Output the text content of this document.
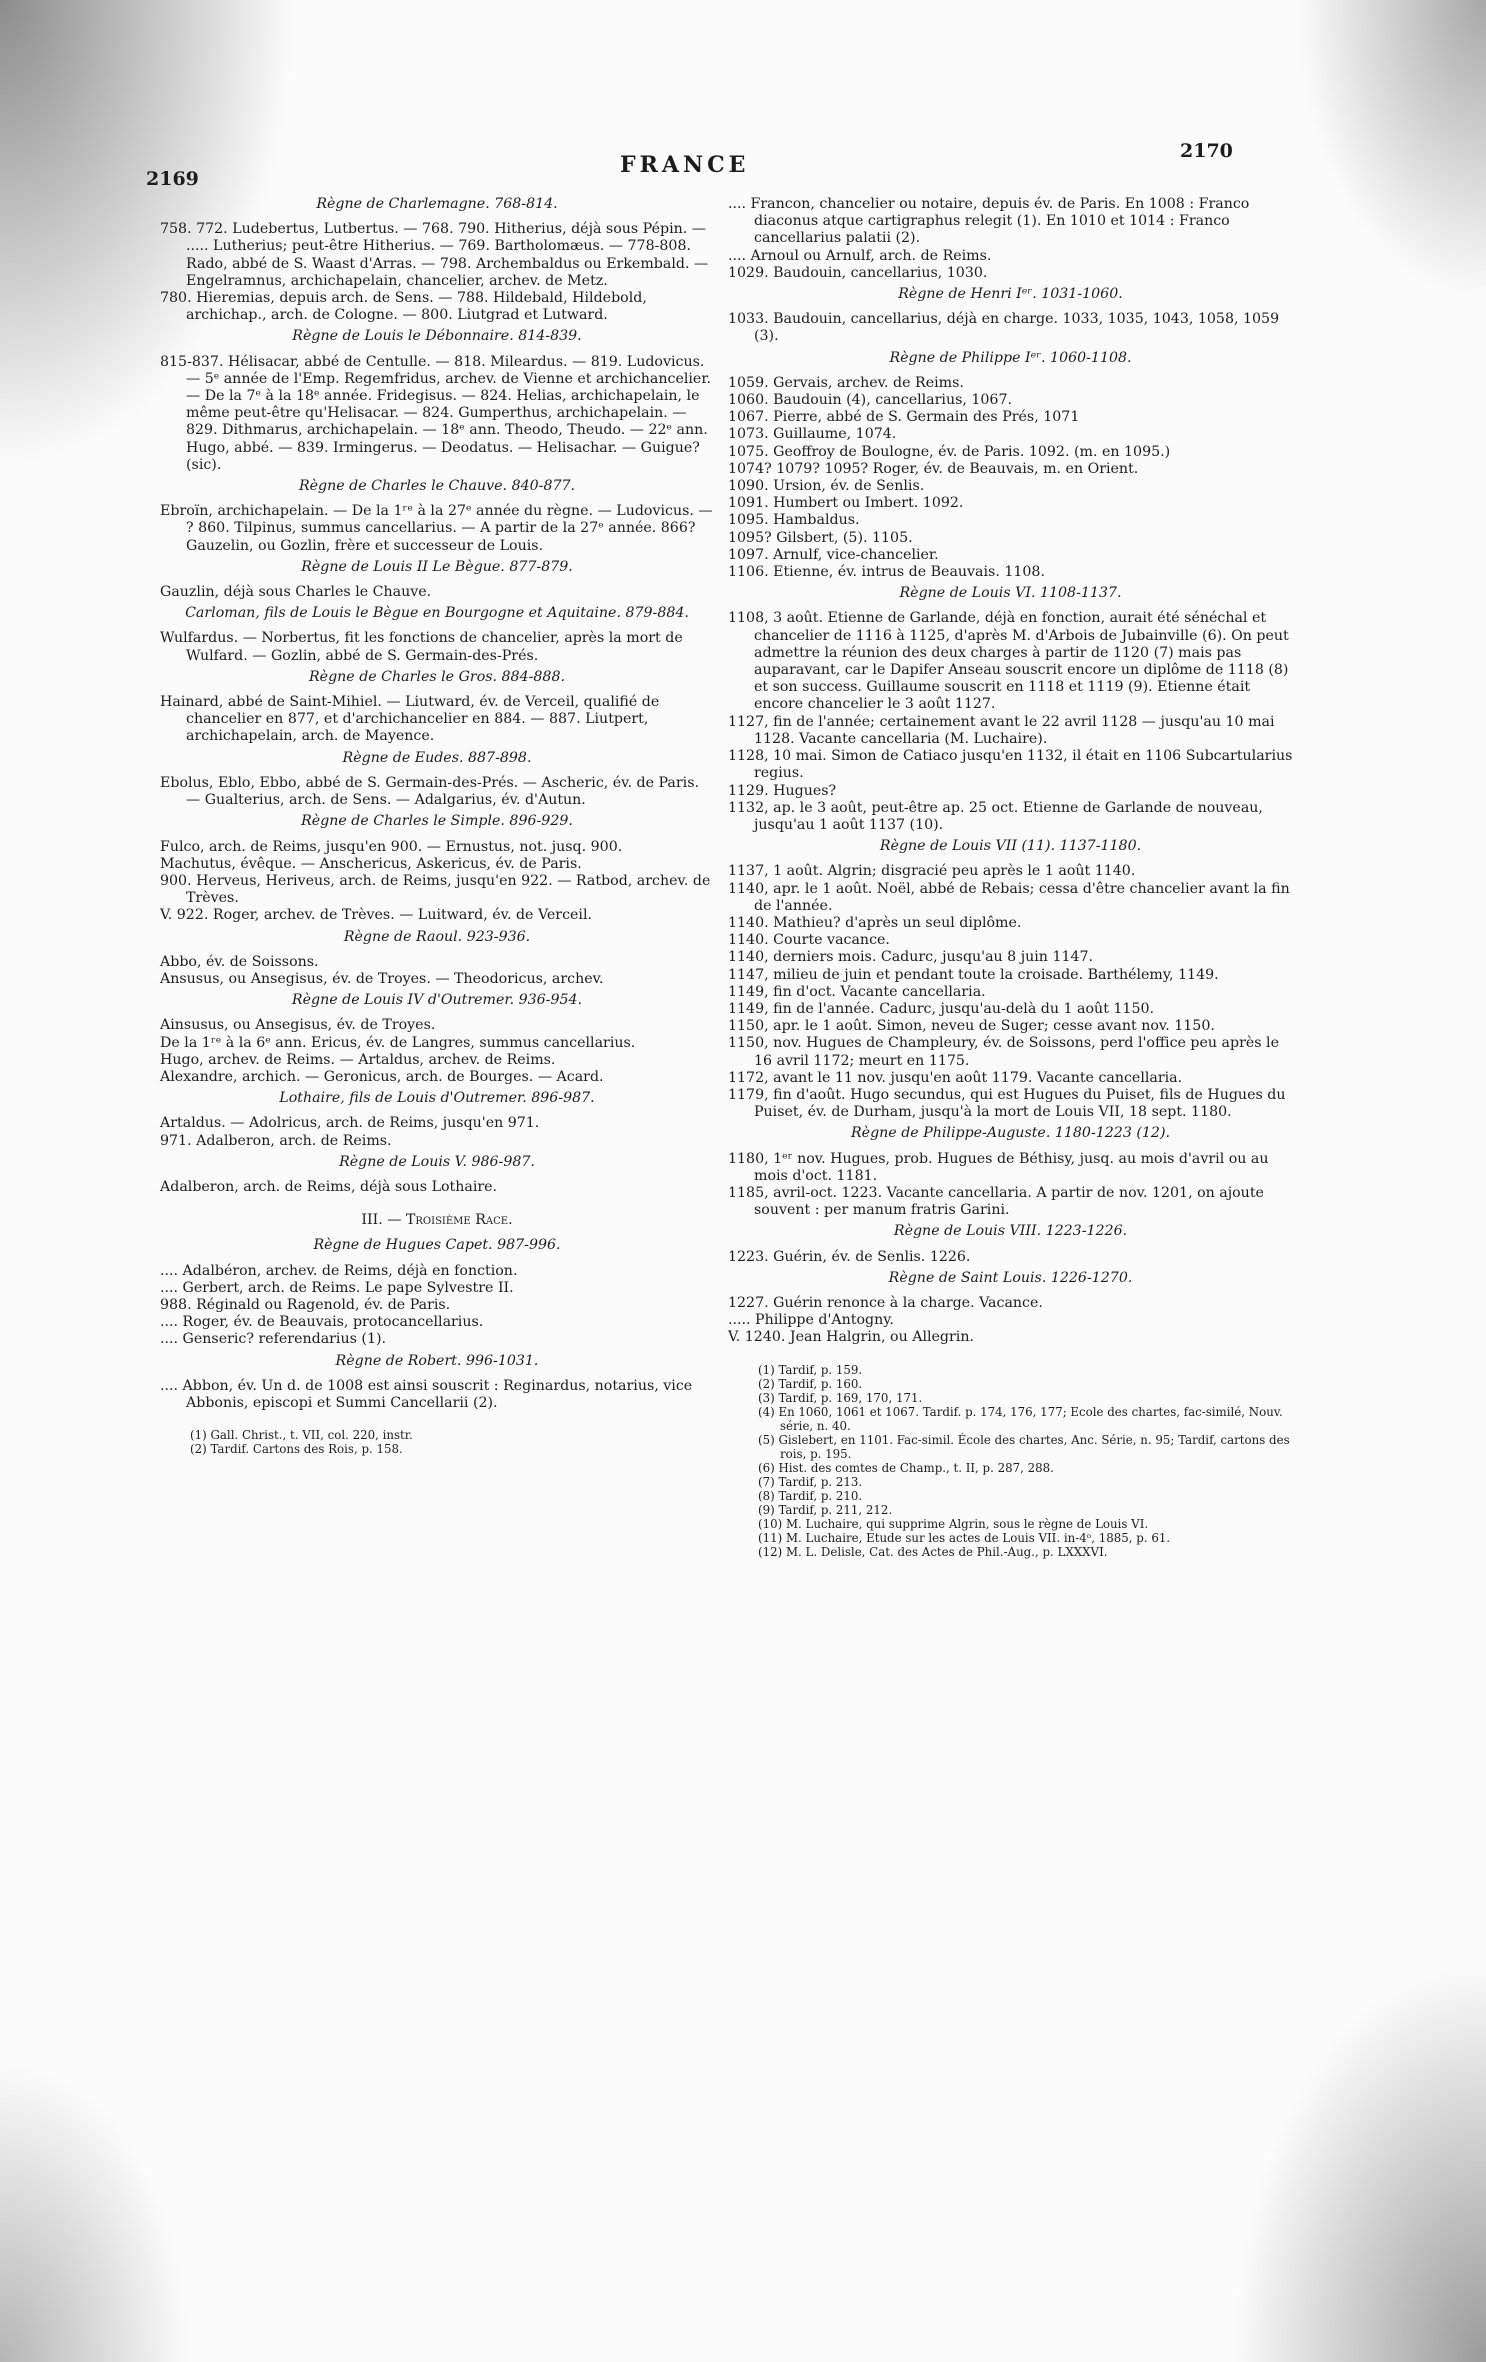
2169
FRANCE
2170
Règne de Charlemagne. 768-814.

758. 772. Ludebertus, Lutbertus. — 768. 790. Hitherius, déjà sous Pépin. — ..... Lutherius; peut-être Hitherius. — 769. Bartholomæus. — 778-808. Rado, abbé de S. Waast d'Arras. — 798. Archembaldus ou Erkembald. — Engelramnus, archichapelain, chancelier, archev. de Metz.

780. Hieremias, depuis arch. de Sens. — 788. Hildebald, Hildebold, archichap., arch. de Cologne. — 800. Liutgrad et Lutward.

Règne de Louis le Débonnaire. 814-839.

815-837. Hélisacar, abbé de Centulle. — 818. Mileardus. — 819. Ludovicus. — 5ᵉ année de l'Emp. Regemfridus, archev. de Vienne et archichancelier. — De la 7ᵉ à la 18ᵉ année. Fridegisus. — 824. Helias, archichapelain, le même peut-être qu'Helisacar. — 824. Gumperthus, archichapelain. — 829. Dithmarus, archichapelain. — 18ᵉ ann. Theodo, Theudo. — 22ᵉ ann. Hugo, abbé. — 839. Irmingerus. — Deodatus. — Helisachar. — Guigue? (sic).

Règne de Charles le Chauve. 840-877.

Ebroïn, archichapelain. — De la 1ʳᵉ à la 27ᵉ année du règne. — Ludovicus. — ? 860. Tilpinus, summus cancellarius. — A partir de la 27ᵉ année. 866? Gauzelin, ou Gozlin, frère et successeur de Louis.

Règne de Louis II Le Bègue. 877-879.

Gauzlin, déjà sous Charles le Chauve.

Carloman, fils de Louis le Bègue en Bourgogne et Aquitaine. 879-884.

Wulfardus. — Norbertus, fit les fonctions de chancelier, après la mort de Wulfard. — Gozlin, abbé de S. Germain-des-Prés.

Règne de Charles le Gros. 884-888.

Hainard, abbé de Saint-Mihiel. — Liutward, év. de Verceil, qualifié de chancelier en 877, et d'archichancelier en 884. — 887. Liutpert, archichapelain, arch. de Mayence.

Règne de Eudes. 887-898.

Ebolus, Eblo, Ebbo, abbé de S. Germain-des-Prés. — Ascheric, év. de Paris. — Gualterius, arch. de Sens. — Adalgarius, év. d'Autun.

Règne de Charles le Simple. 896-929.

Fulco, arch. de Reims, jusqu'en 900. — Ernustus, not. jusq. 900.

Machutus, évêque. — Anschericus, Askericus, év. de Paris.

900. Herveus, Heriveus, arch. de Reims, jusqu'en 922. — Ratbod, archev. de Trèves.

V. 922. Roger, archev. de Trèves. — Luitward, év. de Verceil.

Règne de Raoul. 923-936.

Abbo, év. de Soissons.

Ansusus, ou Ansegisus, év. de Troyes. — Theodoricus, archev.

Règne de Louis IV d'Outremer. 936-954.

Ainsusus, ou Ansegisus, év. de Troyes.

De la 1ʳᵉ à la 6ᵉ ann. Ericus, év. de Langres, summus cancellarius.

Hugo, archev. de Reims. — Artaldus, archev. de Reims.

Alexandre, archich. — Geronicus, arch. de Bourges. — Acard.

Lothaire, fils de Louis d'Outremer. 896-987.

Artaldus. — Adolricus, arch. de Reims, jusqu'en 971.

971. Adalberon, arch. de Reims.

Règne de Louis V. 986-987.

Adalberon, arch. de Reims, déjà sous Lothaire.

III. — Troisième Race.
Règne de Hugues Capet. 987-996.

.... Adalbéron, archev. de Reims, déjà en fonction.

.... Gerbert, arch. de Reims. Le pape Sylvestre II.

988. Réginald ou Ragenold, év. de Paris.

.... Roger, év. de Beauvais, protocancellarius.

.... Genseric? referendarius (1).

Règne de Robert. 996-1031.

.... Abbon, év. Un d. de 1008 est ainsi souscrit : Reginardus, notarius, vice Abbonis, episcopi et Summi Cancellarii (2).

(1) Gall. Christ., t. VII, col. 220, instr.

(2) Tardif. Cartons des Rois, p. 158.

.... Francon, chancelier ou notaire, depuis év. de Paris. En 1008 : Franco diaconus atque cartigraphus relegit (1). En 1010 et 1014 : Franco cancellarius palatii (2).

.... Arnoul ou Arnulf, arch. de Reims.

1029. Baudouin, cancellarius, 1030.

Règne de Henri Iᵉʳ. 1031-1060.

1033. Baudouin, cancellarius, déjà en charge. 1033, 1035, 1043, 1058, 1059 (3).

Règne de Philippe Iᵉʳ. 1060-1108.

1059. Gervais, archev. de Reims.

1060. Baudouin (4), cancellarius, 1067.

1067. Pierre, abbé de S. Germain des Prés, 1071

1073. Guillaume, 1074.

1075. Geoffroy de Boulogne, év. de Paris. 1092. (m. en 1095.)

1074? 1079? 1095? Roger, év. de Beauvais, m. en Orient.

1090. Ursion, év. de Senlis.

1091. Humbert ou Imbert. 1092.

1095. Hambaldus.

1095? Gilsbert, (5). 1105.

1097. Arnulf, vice-chancelier.

1106. Etienne, év. intrus de Beauvais. 1108.

Règne de Louis VI. 1108-1137.

1108, 3 août. Etienne de Garlande, déjà en fonction, aurait été sénéchal et chancelier de 1116 à 1125, d'après M. d'Arbois de Jubainville (6). On peut admettre la réunion des deux charges à partir de 1120 (7) mais pas auparavant, car le Dapifer Anseau souscrit encore un diplôme de 1118 (8) et son success. Guillaume souscrit en 1118 et 1119 (9). Etienne était encore chancelier le 3 août 1127.

1127, fin de l'année; certainement avant le 22 avril 1128 — jusqu'au 10 mai 1128. Vacante cancellaria (M. Luchaire).

1128, 10 mai. Simon de Catiaco jusqu'en 1132, il était en 1106 Subcartularius regius.

1129. Hugues?

1132, ap. le 3 août, peut-être ap. 25 oct. Etienne de Garlande de nouveau, jusqu'au 1 août 1137 (10).

Règne de Louis VII (11). 1137-1180.

1137, 1 août. Algrin; disgracié peu après le 1 août 1140.

1140, apr. le 1 août. Noël, abbé de Rebais; cessa d'être chancelier avant la fin de l'année.

1140. Mathieu? d'après un seul diplôme.

1140. Courte vacance.

1140, derniers mois. Cadurc, jusqu'au 8 juin 1147.

1147, milieu de juin et pendant toute la croisade. Barthélemy, 1149.

1149, fin d'oct. Vacante cancellaria.

1149, fin de l'année. Cadurc, jusqu'au-delà du 1 août 1150.

1150, apr. le 1 août. Simon, neveu de Suger; cesse avant nov. 1150.

1150, nov. Hugues de Champleury, év. de Soissons, perd l'office peu après le 16 avril 1172; meurt en 1175.

1172, avant le 11 nov. jusqu'en août 1179. Vacante cancellaria.

1179, fin d'août. Hugo secundus, qui est Hugues du Puiset, fils de Hugues du Puiset, év. de Durham, jusqu'à la mort de Louis VII, 18 sept. 1180.

Règne de Philippe-Auguste. 1180-1223 (12).

1180, 1ᵉʳ nov. Hugues, prob. Hugues de Béthisy, jusq. au mois d'avril ou au mois d'oct. 1181.

1185, avril-oct. 1223. Vacante cancellaria. A partir de nov. 1201, on ajoute souvent : per manum fratris Garini.

Règne de Louis VIII. 1223-1226.

1223. Guérin, év. de Senlis. 1226.

Règne de Saint Louis. 1226-1270.

1227. Guérin renonce à la charge. Vacance.

..... Philippe d'Antogny.

V. 1240. Jean Halgrin, ou Allegrin.

(1) Tardif, p. 159.

(2) Tardif, p. 160.

(3) Tardif, p. 169, 170, 171.

(4) En 1060, 1061 et 1067. Tardif. p. 174, 176, 177; Ecole des chartes, fac-similé, Nouv. série, n. 40.

(5) Gislebert, en 1101. Fac-simil. École des chartes, Anc. Série, n. 95; Tardif, cartons des rois, p. 195.

(6) Hist. des comtes de Champ., t. II, p. 287, 288.

(7) Tardif, p. 213.

(8) Tardif, p. 210.

(9) Tardif, p. 211, 212.

(10) M. Luchaire, qui supprime Algrin, sous le règne de Louis VI.

(11) M. Luchaire, Etude sur les actes de Louis VII. in-4ᵒ, 1885, p. 61.

(12) M. L. Delisle, Cat. des Actes de Phil.-Aug., p. LXXXVI.
